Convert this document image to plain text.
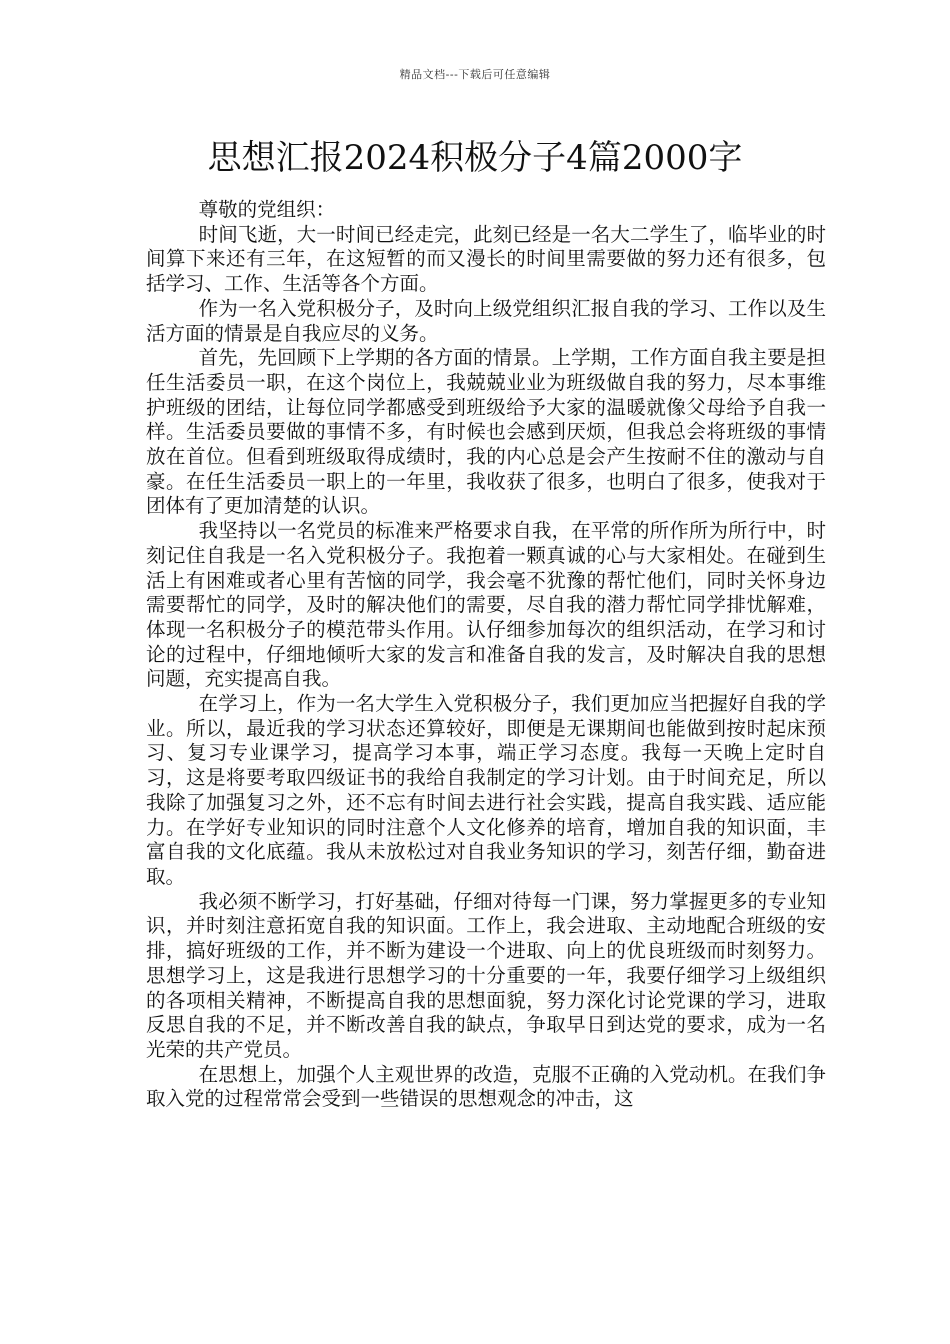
精品文档---下载后可任意编辑
思想汇报2024积极分子4篇2000字

尊敬的党组织：

时间飞逝，大一时间已经走完，此刻已经是一名大二学生了，临毕业的时间算下来还有三年，在这短暂的而又漫长的时间里需要做的努力还有很多，包括学习、工作、生活等各个方面。

作为一名入党积极分子，及时向上级党组织汇报自我的学习、工作以及生活方面的情景是自我应尽的义务。

首先，先回顾下上学期的各方面的情景。上学期，工作方面自我主要是担任生活委员一职，在这个岗位上，我兢兢业业为班级做自我的努力，尽本事维护班级的团结，让每位同学都感受到班级给予大家的温暖就像父母给予自我一样。生活委员要做的事情不多，有时候也会感到厌烦，但我总会将班级的事情放在首位。但看到班级取得成绩时，我的内心总是会产生按耐不住的激动与自豪。在任生活委员一职上的一年里，我收获了很多，也明白了很多，使我对于团体有了更加清楚的认识。

我坚持以一名党员的标准来严格要求自我，在平常的所作所为所行中，时刻记住自我是一名入党积极分子。我抱着一颗真诚的心与大家相处。在碰到生活上有困难或者心里有苦恼的同学，我会毫不犹豫的帮忙他们，同时关怀身边需要帮忙的同学，及时的解决他们的需要，尽自我的潜力帮忙同学排忧解难，体现一名积极分子的模范带头作用。认仔细参加每次的组织活动，在学习和讨论的过程中，仔细地倾听大家的发言和准备自我的发言，及时解决自我的思想问题，充实提高自我。

在学习上，作为一名大学生入党积极分子，我们更加应当把握好自我的学业。所以，最近我的学习状态还算较好，即便是无课期间也能做到按时起床预习、复习专业课学习，提高学习本事，端正学习态度。我每一天晚上定时自习，这是将要考取四级证书的我给自我制定的学习计划。由于时间充足，所以我除了加强复习之外，还不忘有时间去进行社会实践，提高自我实践、适应能力。在学好专业知识的同时注意个人文化修养的培育，增加自我的知识面，丰富自我的文化底蕴。我从未放松过对自我业务知识的学习，刻苦仔细，勤奋进取。

我必须不断学习，打好基础，仔细对待每一门课，努力掌握更多的专业知识，并时刻注意拓宽自我的知识面。工作上，我会进取、主动地配合班级的安排，搞好班级的工作，并不断为建设一个进取、向上的优良班级而时刻努力。思想学习上，这是我进行思想学习的十分重要的一年，我要仔细学习上级组织的各项相关精神，不断提高自我的思想面貌，努力深化讨论党课的学习，进取反思自我的不足，并不断改善自我的缺点，争取早日到达党的要求，成为一名光荣的共产党员。

在思想上，加强个人主观世界的改造，克服不正确的入党动机。在我们争取入党的过程常常会受到一些错误的思想观念的冲击，这
